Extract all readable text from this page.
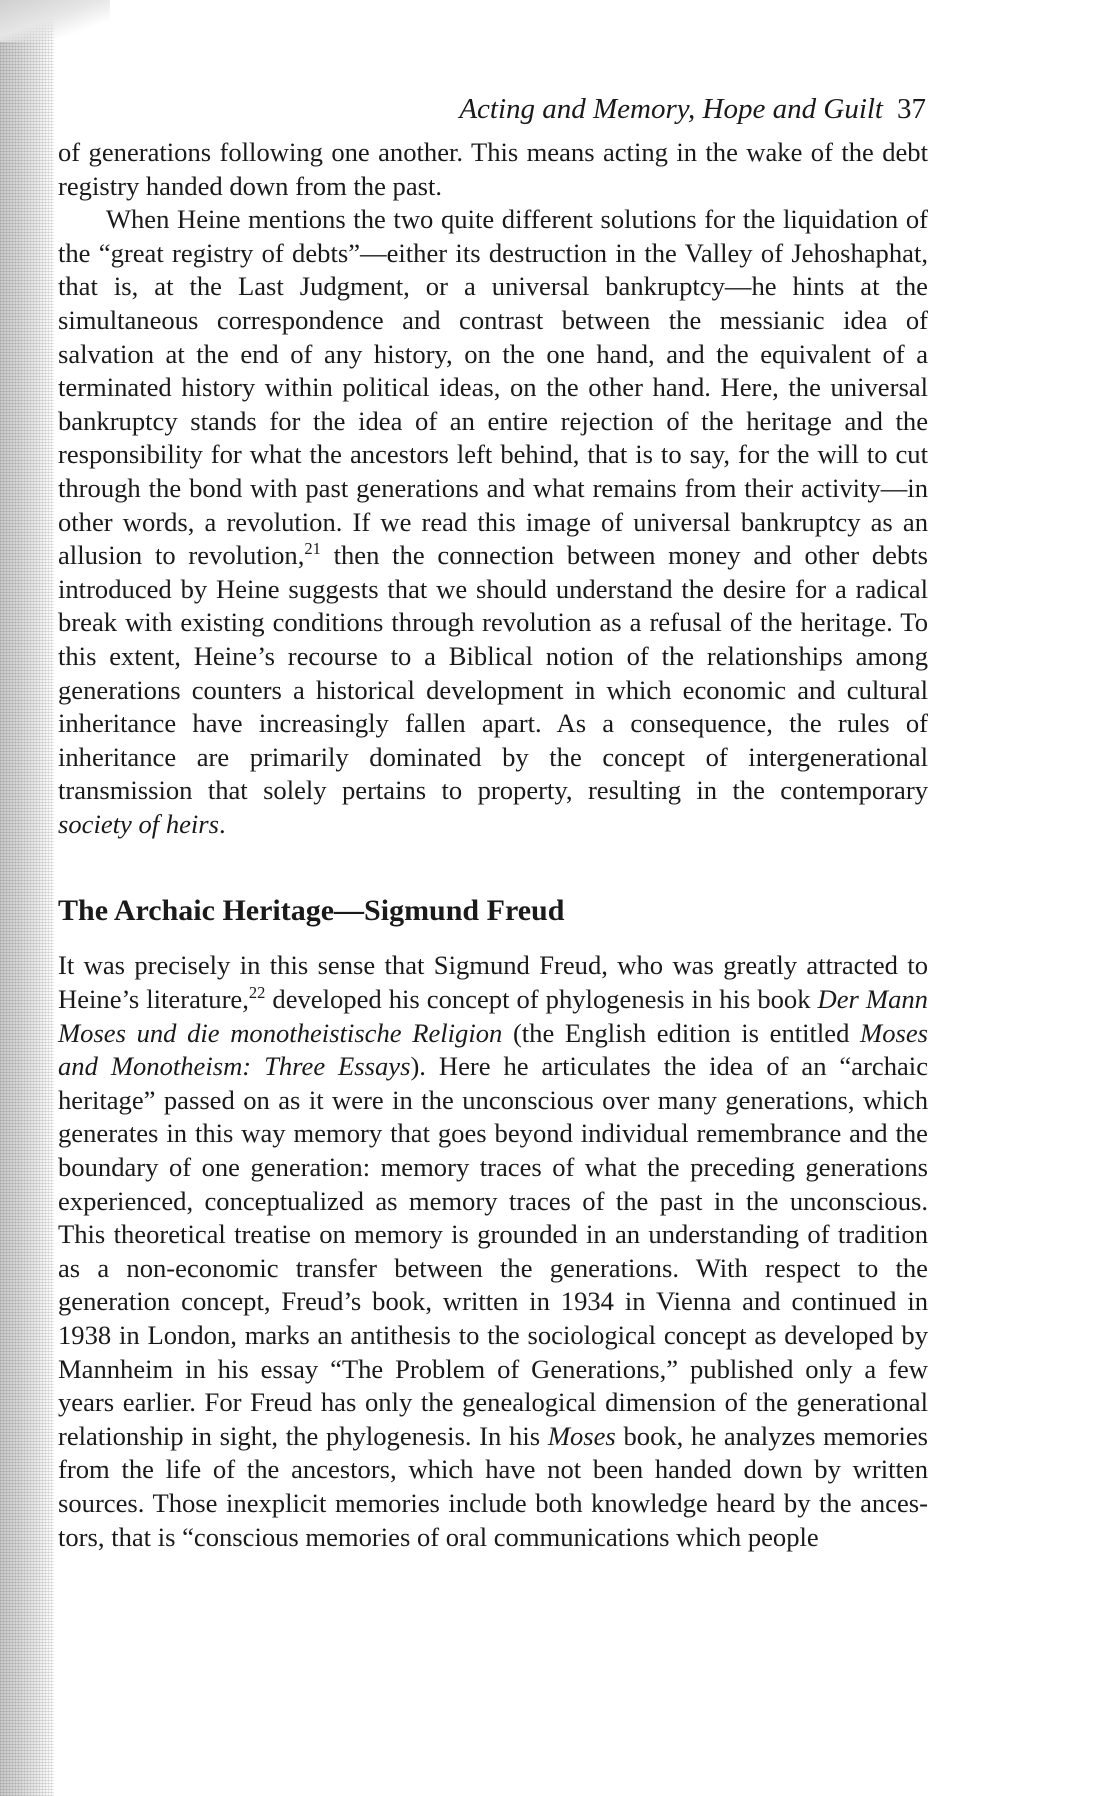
Acting and Memory, Hope and Guilt 37

of generations following one another. This means acting in the wake of the debt registry handed down from the past.

When Heine mentions the two quite different solutions for the liquidation of the “great registry of debts”—either its destruction in the Valley of Jehoshaphat, that is, at the Last Judgment, or a universal bankruptcy—he hints at the simultaneous correspondence and contrast between the messianic idea of salvation at the end of any history, on the one hand, and the equivalent of a terminated history within political ideas, on the other hand. Here, the universal bankruptcy stands for the idea of an entire rejection of the heritage and the responsibility for what the ancestors left behind, that is to say, for the will to cut through the bond with past generations and what remains from their activity—in other words, a revolution. If we read this image of universal bankruptcy as an allusion to revolution,$^{21}$ then the connection between money and other debts introduced by Heine suggests that we should understand the desire for a radical break with existing conditions through revolution as a refusal of the heritage. To this extent, Heine’s recourse to a Biblical notion of the relationships among generations counters a historical development in which economic and cultural inheritance have increasingly fallen apart. As a consequence, the rules of inheritance are primarily dominated by the concept of intergenerational transmission that solely pertains to property, resulting in the contemporary society of heirs.

The Archaic Heritage—Sigmund Freud

It was precisely in this sense that Sigmund Freud, who was greatly attracted to Heine’s literature,$^{22}$ developed his concept of phylogenesis in his book Der Mann Moses und die monotheistische Religion (the English edition is entitled Moses and Monotheism: Three Essays). Here he articulates the idea of an “archaic heritage” passed on as it were in the unconscious over many generations, which generates in this way memory that goes beyond individual remembrance and the boundary of one generation: memory traces of what the preceding generations experienced, conceptualized as memory traces of the past in the unconscious. This theoretical treatise on memory is grounded in an understanding of tradition as a non-economic transfer between the generations. With respect to the generation concept, Freud’s book, written in 1934 in Vienna and continued in 1938 in London, marks an antithesis to the sociological concept as developed by Mannheim in his essay “The Problem of Generations,” published only a few years earlier. For Freud has only the genealogical dimension of the generational relationship in sight, the phylogenesis. In his Moses book, he analyzes memories from the life of the ancestors, which have not been handed down by written sources. Those inexplicit memories include both knowledge heard by the ancestors, that is “conscious memories of oral communications which people
